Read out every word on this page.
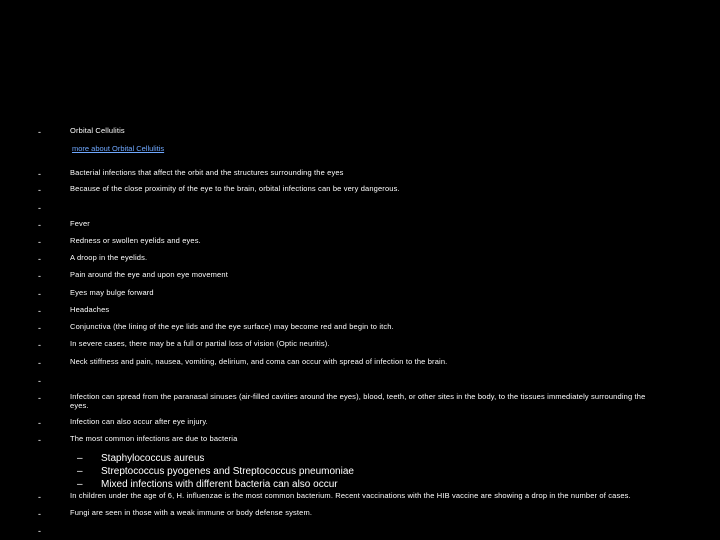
-	Orbital Cellulitis
more about Orbital Cellulitis
-	Bacterial infections that affect the orbit and the structures surrounding the eyes
-	Because of the close proximity of the eye to the brain, orbital infections can be very dangerous.
-
-	Fever
-	Redness or swollen eyelids and eyes.
-	A droop in the eyelids.
-	Pain around the eye and upon eye movement
-	Eyes may bulge forward
-	Headaches
-	Conjunctiva (the lining of the eye lids and the eye surface) may become red and begin to itch.
-	In severe cases, there may be a full or partial loss of vision (Optic neuritis).
-	Neck stiffness and pain, nausea, vomiting, delirium, and coma can occur with spread of infection to the brain.
-
-	Infection can spread from the paranasal sinuses (air-filled cavities around the eyes), blood, teeth, or other sites in the body, to the tissues immediately surrounding the eyes.
-	Infection can also occur after eye injury.
-	The most common infections are due to bacteria
– Staphylococcus aureus
– Streptococcus pyogenes and Streptococcus pneumoniae
– Mixed infections with different bacteria can also occur
-	In children under the age of 6, H. influenzae is the most common bacterium. Recent vaccinations with the HIB vaccine are showing a drop in the number of cases.
-	Fungi are seen in those with a weak immune or body defense system.
-
